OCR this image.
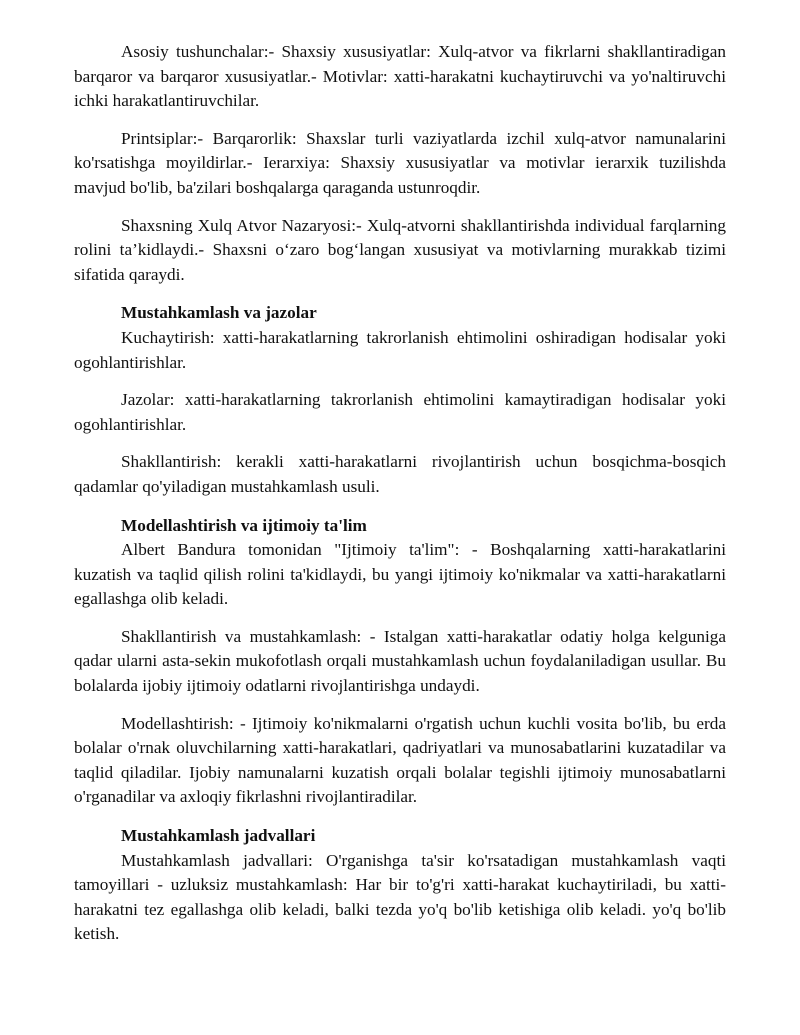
Asosiy tushunchalar:- Shaxsiy xususiyatlar: Xulq-atvor va fikrlarni shakllantiradigan barqaror va barqaror xususiyatlar.- Motivlar: xatti-harakatni kuchaytiruvchi va yo'naltiruvchi ichki harakatlantiruvchilar.

Printsiplar:- Barqarorlik: Shaxslar turli vaziyatlarda izchil xulq-atvor namunalarini ko'rsatishga moyildirlar.- Ierarxiya: Shaxsiy xususiyatlar va motivlar ierarxik tuzilishda mavjud bo'lib, ba'zilari boshqalarga qaraganda ustunroqdir.

Shaxsning Xulq Atvor Nazaryosi:- Xulq-atvorni shakllantirishda individual farqlarning rolini ta’kidlaydi.- Shaxsni o‘zaro bog‘langan xususiyat va motivlarning murakkab tizimi sifatida qaraydi.

Mustahkamlash va jazolar

Kuchaytirish: xatti-harakatlarning takrorlanish ehtimolini oshiradigan hodisalar yoki ogohlantirishlar.

Jazolar: xatti-harakatlarning takrorlanish ehtimolini kamaytiradigan hodisalar yoki ogohlantirishlar.

Shakllantirish: kerakli xatti-harakatlarni rivojlantirish uchun bosqichma-bosqich qadamlar qo'yiladigan mustahkamlash usuli.

Modellashtirish va ijtimoiy ta'lim

Albert Bandura tomonidan "Ijtimoiy ta'lim": - Boshqalarning xatti-harakatlarini kuzatish va taqlid qilish rolini ta'kidlaydi, bu yangi ijtimoiy ko'nikmalar va xatti-harakatlarni egallashga olib keladi.

Shakllantirish va mustahkamlash: - Istalgan xatti-harakatlar odatiy holga kelguniga qadar ularni asta-sekin mukofotlash orqali mustahkamlash uchun foydalaniladigan usullar. Bu bolalarda ijobiy ijtimoiy odatlarni rivojlantirishga undaydi.

Modellashtirish: - Ijtimoiy ko'nikmalarni o'rgatish uchun kuchli vosita bo'lib, bu erda bolalar o'rnak oluvchilarning xatti-harakatlari, qadriyatlari va munosabatlarini kuzatadilar va taqlid qiladilar. Ijobiy namunalarni kuzatish orqali bolalar tegishli ijtimoiy munosabatlarni o'rganadilar va axloqiy fikrlashni rivojlantiradilar.

Mustahkamlash jadvallari

Mustahkamlash jadvallari: O'rganishga ta'sir ko'rsatadigan mustahkamlash vaqti tamoyillari - uzluksiz mustahkamlash: Har bir to'g'ri xatti-harakat kuchaytiriladi, bu xatti-harakatni tez egallashga olib keladi, balki tezda yo'q bo'lib ketishiga olib keladi. yo'q bo'lib ketish.
